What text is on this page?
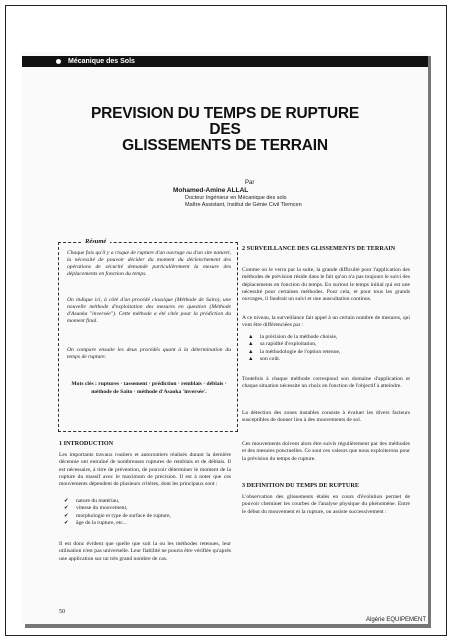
Mécanique des Sols
PREVISION DU TEMPS DE RUPTURE
DES
GLISSEMENTS DE TERRAIN
Par
Mohamed-Amine ALLAL
Docteur Ingénieur en Mécanique des sols
Maître Assistant, Institut de Génie Civil Tlemcen
Résumé
Chaque fois qu'il y a risque de rupture d'un ouvrage ou d'un site naturel, la nécessité de pouvoir décider du moment du déclenchement des opérations de sécurité demande particulièrement la mesure des déplacements en fonction du temps.
On indique ici, à côté d'un procédé classique (Méthode de Saito), une nouvelle méthode d'exploitation des mesures en question (Méthode d'Asaoka "inversée"). Cette méthode a été citée pour la prédiction du moment final.
On compare ensuite les deux procédés quant à la détermination du temps de rupture.
Mots clés : ruptures · tassement · prédiction · remblais · déblais · méthode de Saito · méthode d'Asaoka 'inversée'.
1 INTRODUCTION
Les importants travaux routiers et autoroutiers réalisés durant la dernière décennie ont entraîné de nombreuses ruptures de remblais et de déblais. Il est nécessaire, à titre de prévention, de pouvoir déterminer le moment de la rupture du massif avec le maximum de précision. Il est à noter que ces mouvements dépendent de plusieurs critères, dont les principaux sont :
✔ nature du matériau,
✔ vitesse du mouvement,
✔ morphologie et type de surface de rupture,
✔ âge de la rupture, etc...
Il est donc évident que quelle que soit la ou les méthodes retenues, leur utilisation n'est pas universelle. Leur fiabilité ne pourra être vérifiée qu'après une application sur un très grand nombre de cas.
2 SURVEILLANCE DES GLISSEMENTS DE TERRAIN
Comme on le verra par la suite, la grande difficulté pour l'application des méthodes de prévision réside dans le fait qu'on n'a pas toujours le suivi des déplacements en fonction du temps. En surtout le temps initial qui est une nécessité pour certaines méthodes. Pour cela, et pour tous les grands ouvrages, il faudrait un suivi et une auscultation continus.
A ce niveau, la surveillance fait appel à un certain nombre de mesures, qui vont être différenciées par :
▲ la précision de la méthode choisie,
▲ sa rapidité d'exploitation,
▲ la méthodologie de l'option retenue,
▲ son coût.
Toutefois à chaque méthode correspond son domaine d'application et chaque situation nécessite un choix en fonction de l'objectif à atteindre.
La détection des zones instables consiste à évaluer les divers facteurs susceptibles de donner lieu à des mouvements de sol.
Ces mouvements doivent alors être suivis régulièrement par des méthodes et des mesures ponctuelles. Ce sont ces valeurs que nous exploiterons pour la prévision du temps de rupture.
3 DEFINITION DU TEMPS DE RUPTURE
L'observation des glissements étalés en cours d'évolution permet de pouvoir cheminer les courbes de l'analyse physique du phénomène. Entre le début du mouvement et la rupture, on assiste successivement :
50
Algérie EQUIPEMENT
